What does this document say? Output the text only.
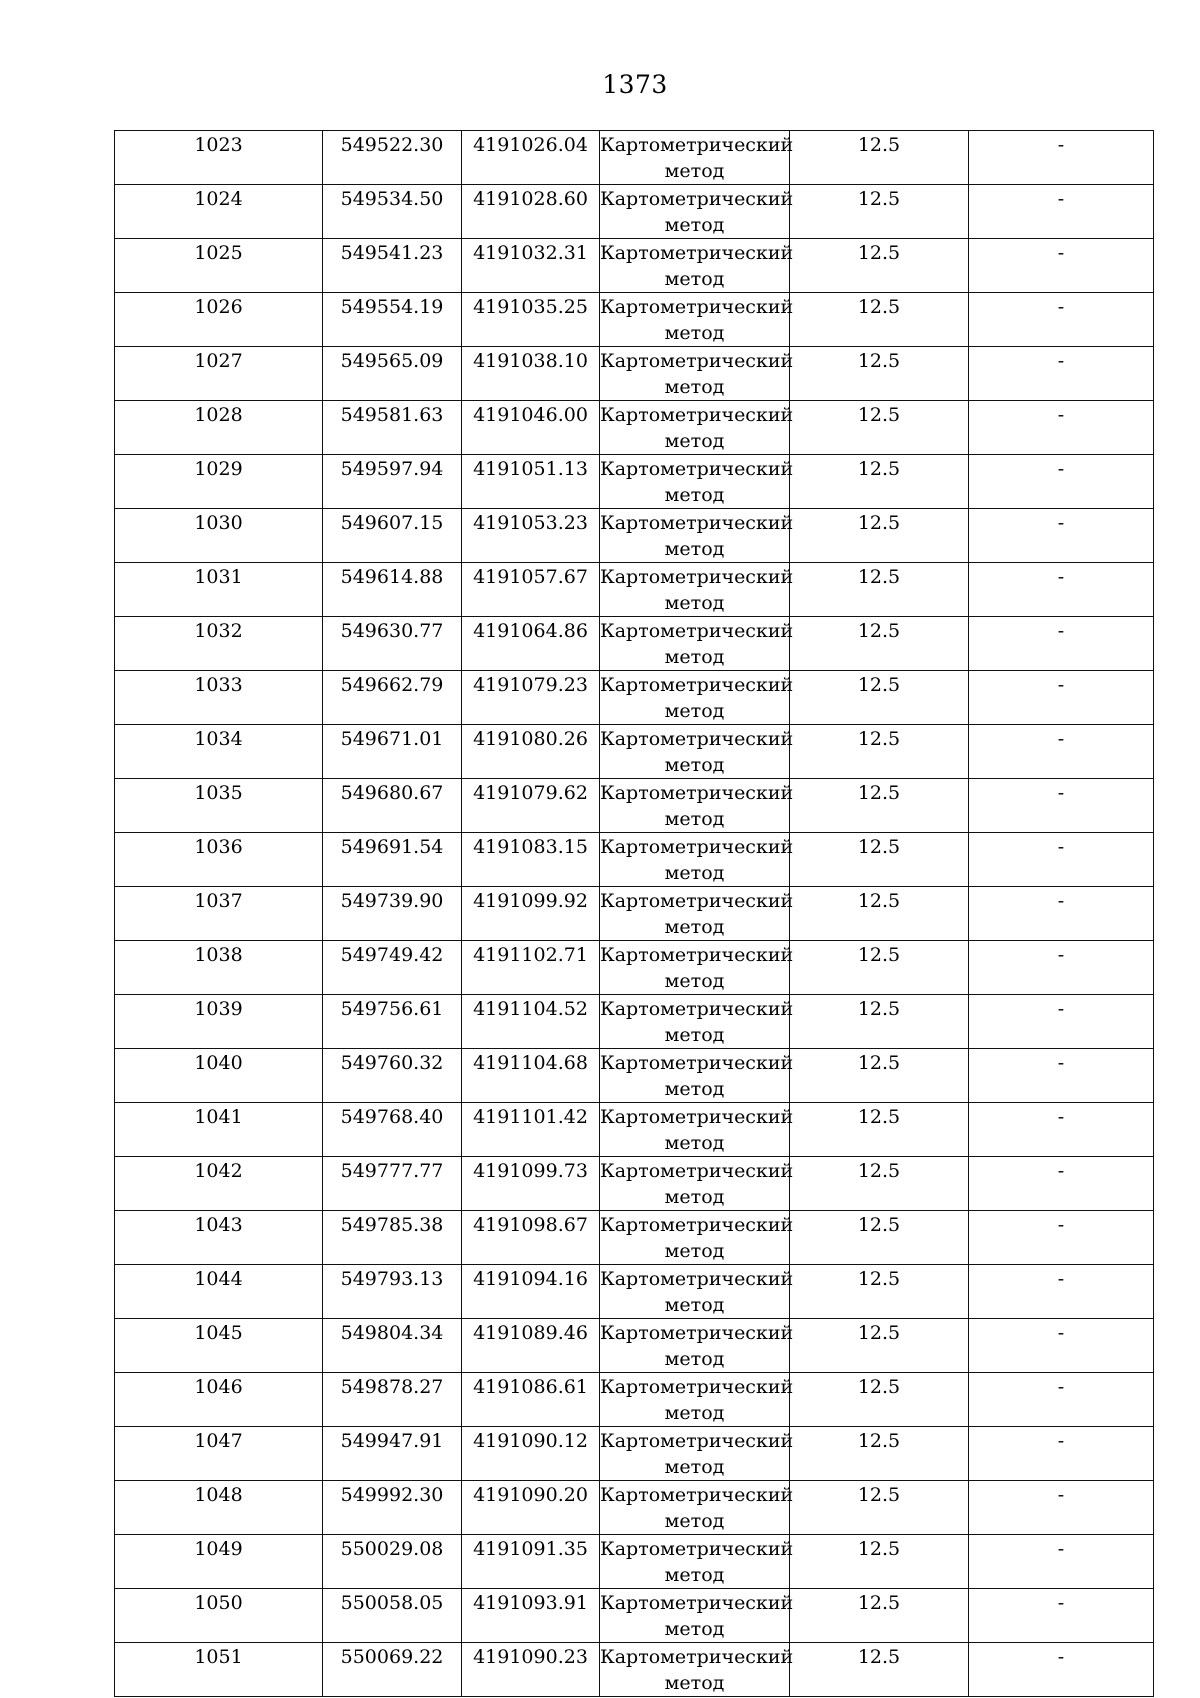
1373
1023	549522.30	4191026.04	Картометрический
метод	12.5	-

1024	549534.50	4191028.60	Картометрический
метод	12.5	-

1025	549541.23	4191032.31	Картометрический
метод	12.5	-

1026	549554.19	4191035.25	Картометрический
метод	12.5	-

1027	549565.09	4191038.10	Картометрический
метод	12.5	-

1028	549581.63	4191046.00	Картометрический
метод	12.5	-

1029	549597.94	4191051.13	Картометрический
метод	12.5	-

1030	549607.15	4191053.23	Картометрический
метод	12.5	-

1031	549614.88	4191057.67	Картометрический
метод	12.5	-

1032	549630.77	4191064.86	Картометрический
метод	12.5	-

1033	549662.79	4191079.23	Картометрический
метод	12.5	-

1034	549671.01	4191080.26	Картометрический
метод	12.5	-

1035	549680.67	4191079.62	Картометрический
метод	12.5	-

1036	549691.54	4191083.15	Картометрический
метод	12.5	-

1037	549739.90	4191099.92	Картометрический
метод	12.5	-

1038	549749.42	4191102.71	Картометрический
метод	12.5	-

1039	549756.61	4191104.52	Картометрический
метод	12.5	-

1040	549760.32	4191104.68	Картометрический
метод	12.5	-

1041	549768.40	4191101.42	Картометрический
метод	12.5	-

1042	549777.77	4191099.73	Картометрический
метод	12.5	-

1043	549785.38	4191098.67	Картометрический
метод	12.5	-

1044	549793.13	4191094.16	Картометрический
метод	12.5	-

1045	549804.34	4191089.46	Картометрический
метод	12.5	-

1046	549878.27	4191086.61	Картометрический
метод	12.5	-

1047	549947.91	4191090.12	Картометрический
метод	12.5	-

1048	549992.30	4191090.20	Картометрический
метод	12.5	-

1049	550029.08	4191091.35	Картометрический
метод	12.5	-

1050	550058.05	4191093.91	Картометрический
метод	12.5	-

1051	550069.22	4191090.23	Картометрический
метод	12.5	-
